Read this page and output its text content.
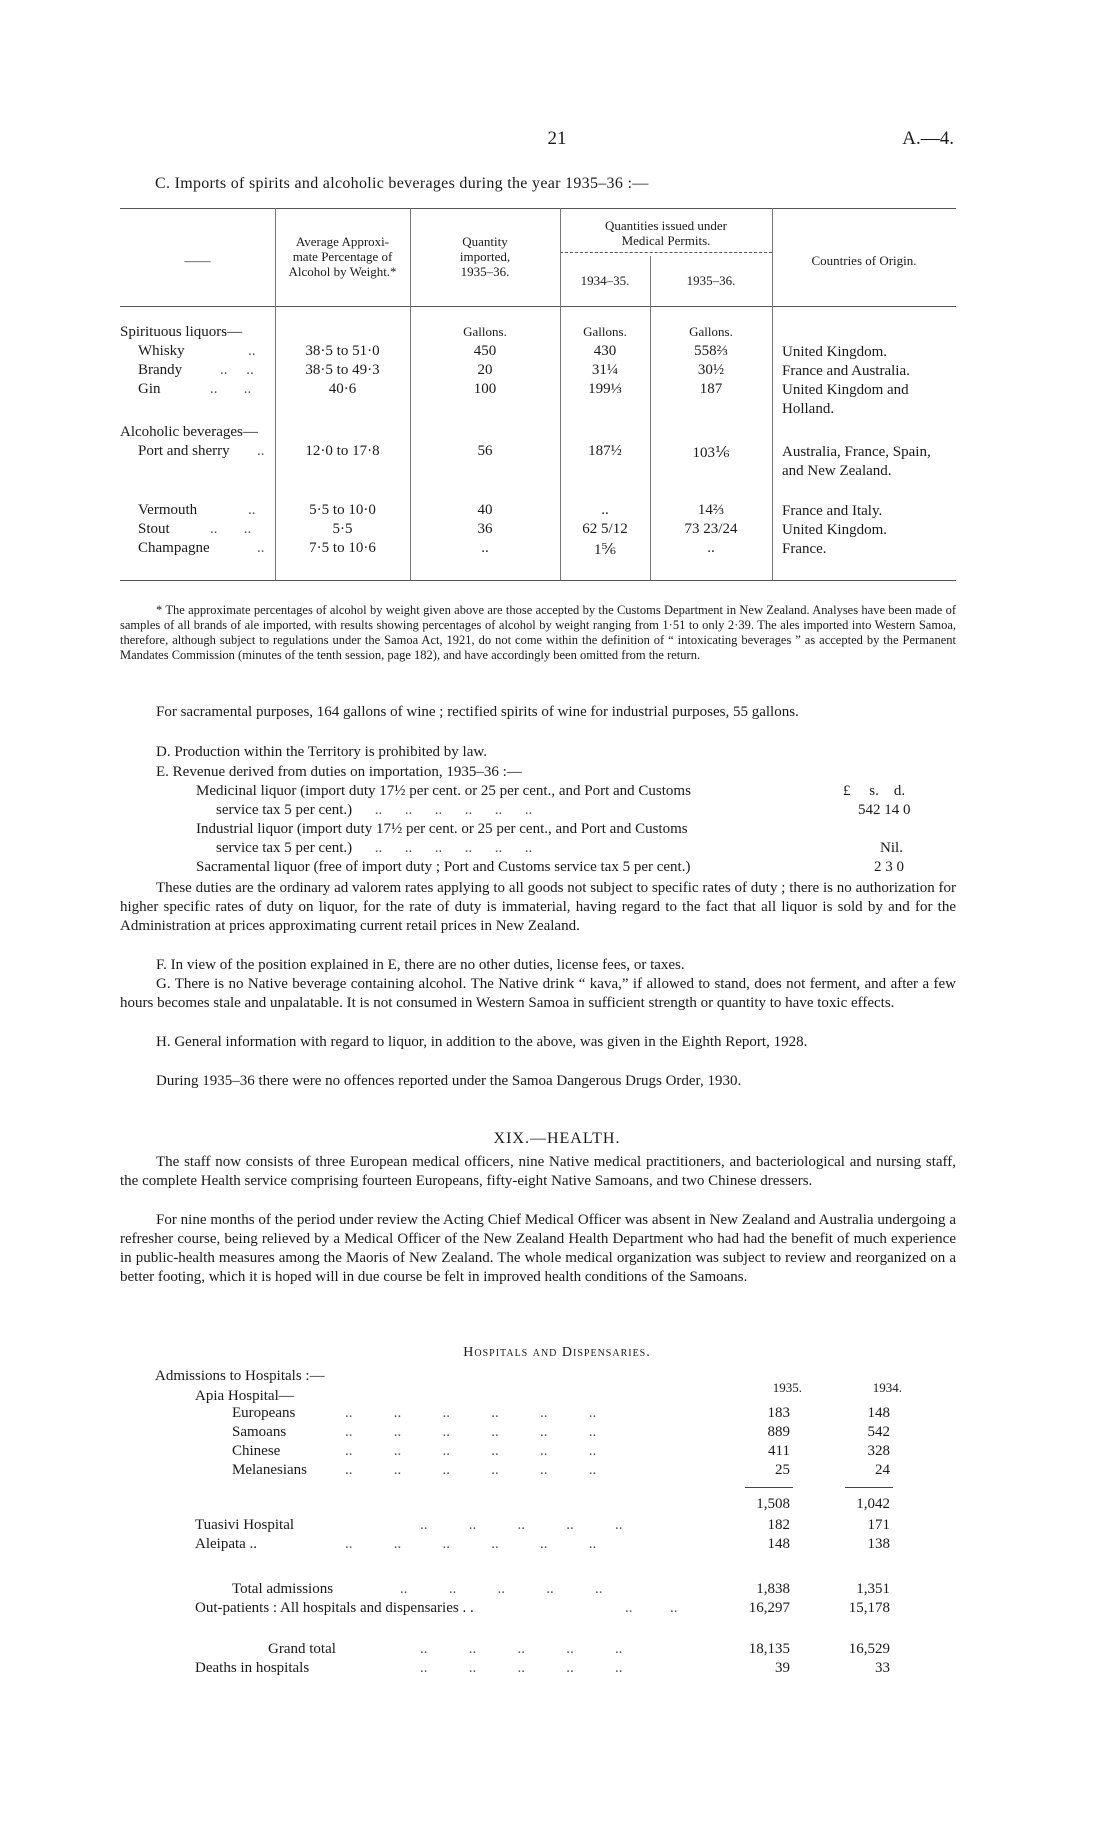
21	A.—4.
C. Imports of spirits and alcoholic beverages during the year 1935–36 :—
——
Average Approxi-
mate Percentage of
Alcohol by Weight.*
Quantity
imported,
1935–36.
Quantities issued under
Medical Permits.
1934–35.	1935–36.
Countries of Origin.
Gallons.	Gallons.	Gallons.
Spirituous liquors—
Whisky	..	38·5 to 51·0	450	430	558⅔	United Kingdom.
Brandy	..     ..	38·5 to 49·3	20	31¼	30½	France and Australia.
Gin	..       ..	40·6	100	199⅓	187	United Kingdom and Holland.
Alcoholic beverages—
Port and sherry ..	12·0 to 17·8	56	187½	103⅙	Australia, France, Spain, and New Zealand.
Vermouth	..	5·5 to 10·0	40	..	14⅔	France and Italy.
Stout	..       ..	5·5	36	62 5/12	73 23/24	United Kingdom.
Champagne	..	7·5 to 10·6	..	1⅚	..	France.
* The approximate percentages of alcohol by weight given above are those accepted by the Customs Department in New Zealand. Analyses have been made of samples of all brands of ale imported, with results showing percentages of alcohol by weight ranging from 1·51 to only 2·39. The ales imported into Western Samoa, therefore, although subject to regulations under the Samoa Act, 1921, do not come within the definition of “ intoxicating beverages ” as accepted by the Permanent Mandates Commission (minutes of the tenth session, page 182), and have accordingly been omitted from the return.
For sacramental purposes, 164 gallons of wine ; rectified spirits of wine for industrial purposes, 55 gallons.
D. Production within the Territory is prohibited by law.
E. Revenue derived from duties on importation, 1935–36 :—
£ s. d.
Medicinal liquor (import duty 17½ per cent. or 25 per cent., and Port and Customs
service tax 5 per cent.)      ..      ..      ..      ..      ..      ..	542 14 0
Industrial liquor (import duty 17½ per cent. or 25 per cent., and Port and Customs
service tax 5 per cent.)      ..      ..      ..      ..      ..      ..	Nil.
Sacramental liquor (free of import duty ; Port and Customs service tax 5 per cent.)	2 3 0
These duties are the ordinary ad valorem rates applying to all goods not subject to specific rates of duty ; there is no authorization for higher specific rates of duty on liquor, for the rate of duty is immaterial, having regard to the fact that all liquor is sold by and for the Administration at prices approximating current retail prices in New Zealand.
F. In view of the position explained in E, there are no other duties, license fees, or taxes.
G. There is no Native beverage containing alcohol. The Native drink “ kava,” if allowed to stand, does not ferment, and after a few hours becomes stale and unpalatable. It is not consumed in Western Samoa in sufficient strength or quantity to have toxic effects.
H. General information with regard to liquor, in addition to the above, was given in the Eighth Report, 1928.
During 1935–36 there were no offences reported under the Samoa Dangerous Drugs Order, 1930.
XIX.—HEALTH.
The staff now consists of three European medical officers, nine Native medical practitioners, and bacteriological and nursing staff, the complete Health service comprising fourteen Europeans, fifty-eight Native Samoans, and two Chinese dressers.
For nine months of the period under review the Acting Chief Medical Officer was absent in New Zealand and Australia undergoing a refresher course, being relieved by a Medical Officer of the New Zealand Health Department who had had the benefit of much experience in public-health measures among the Maoris of New Zealand. The whole medical organization was subject to review and reorganized on a better footing, which it is hoped will in due course be felt in improved health conditions of the Samoans.
Hospitals and Dispensaries.
Admissions to Hospitals :—
Apia Hospital—
1935.	1934.
Europeans	..           ..           ..           ..           ..           ..	183	148
Samoans	..           ..           ..           ..           ..           ..	889	542
Chinese	..           ..           ..           ..           ..           ..	411	328
Melanesians	..           ..           ..           ..           ..           ..	25	24
1,508	1,042
Tuasivi Hospital	..           ..           ..           ..           ..	182	171
Aleipata ..	..           ..           ..           ..           ..           ..	148	138
Total admissions	..           ..           ..           ..           ..	1,838	1,351
Out-patients : All hospitals and dispensaries . .	..          ..	16,297	15,178
Grand total	..           ..           ..           ..           ..	18,135	16,529
Deaths in hospitals	..           ..           ..           ..           ..	39	33
